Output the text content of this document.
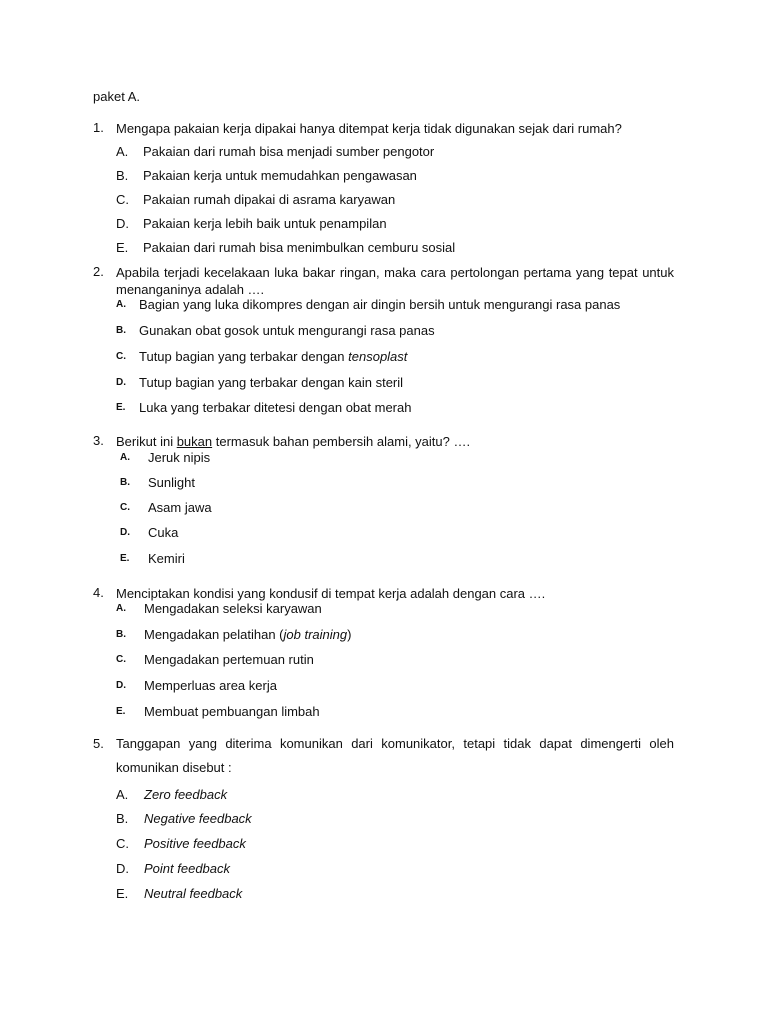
paket A.
1. Mengapa pakaian kerja dipakai hanya ditempat kerja tidak digunakan sejak dari rumah?
A. Pakaian dari rumah bisa menjadi sumber pengotor
B. Pakaian kerja untuk memudahkan pengawasan
C. Pakaian rumah dipakai di asrama karyawan
D. Pakaian kerja lebih baik untuk penampilan
E. Pakaian dari rumah bisa menimbulkan cemburu sosial
2. Apabila terjadi kecelakaan luka bakar ringan, maka cara pertolongan pertama yang tepat untuk menanganinya adalah ….
A. Bagian yang luka dikompres dengan air dingin bersih untuk mengurangi rasa panas
B. Gunakan obat gosok untuk mengurangi rasa panas
C. Tutup bagian yang terbakar dengan tensoplast
D. Tutup bagian yang terbakar dengan kain steril
E. Luka yang terbakar ditetesi dengan obat merah
3. Berikut ini bukan termasuk bahan pembersih alami, yaitu? ….
A. Jeruk nipis
B. Sunlight
C. Asam jawa
D. Cuka
E. Kemiri
4. Menciptakan kondisi yang kondusif di tempat kerja adalah dengan cara ….
A. Mengadakan seleksi karyawan
B. Mengadakan pelatihan (job training)
C. Mengadakan pertemuan rutin
D. Memperluas area kerja
E. Membuat pembuangan limbah
5. Tanggapan yang diterima komunikan dari komunikator, tetapi tidak dapat dimengerti oleh komunikan disebut :
A. Zero feedback
B. Negative feedback
C. Positive feedback
D. Point feedback
E. Neutral feedback
